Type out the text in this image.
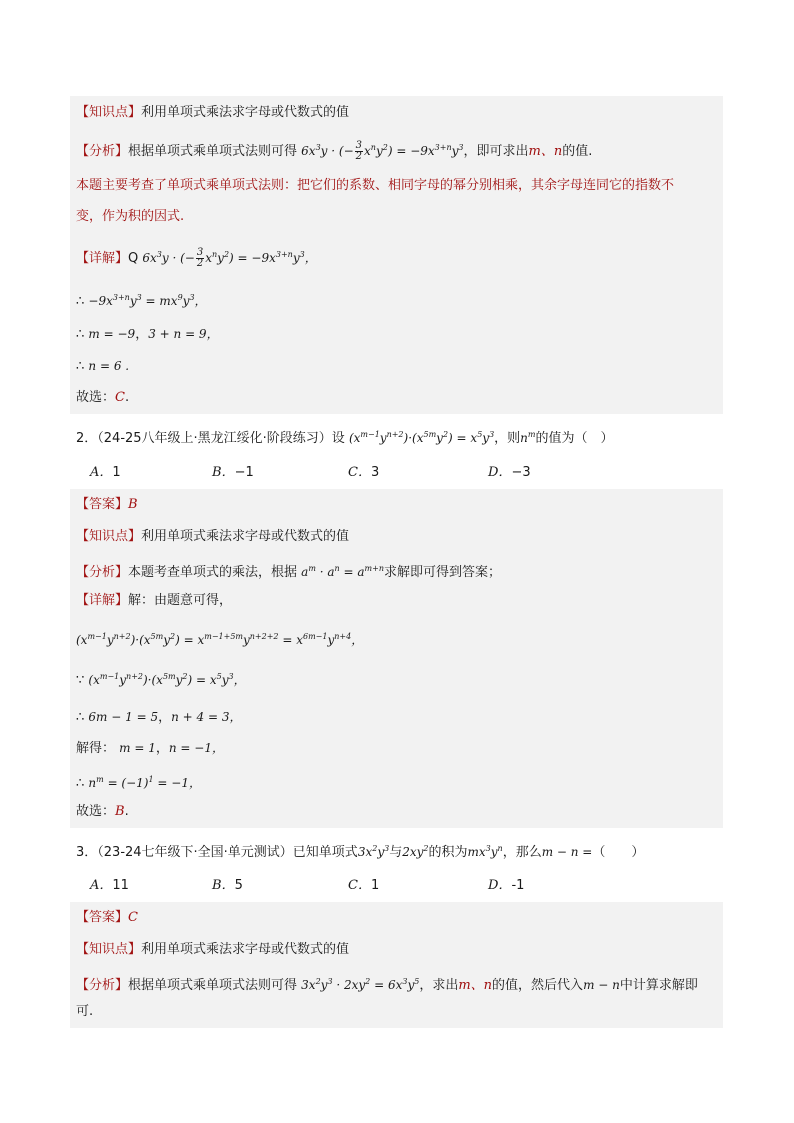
【知识点】利用单项式乘法求字母或代数式的值
【分析】根据单项式乘单项式法则可得 $6x^3y$ · (− $\frac{3}{2} x^ny^2) = -9x^{3+n}y^3$，即可求出m、n的值.
本题主要考查了单项式乘单项式法则：把它们的系数、相同字母的幂分别相乘，其余字母连同它的指数不
变，作为积的因式.
【详解】Q $6x^3y$ · (− $\frac{3}{2} x^ny^2) = -9x^{3+n}y^3$，
∴ $-9x^{3+n}y^3 = mx^9y^3$，
∴ m = −9，3 + n = 9，
∴ n = 6 .
故选：C.
2．（24-25八年级上·黑龙江绥化·阶段练习）设 $(x^{m-1}y^{n+2})\cdot(x^{5m}y^2) = x^5y^3$，则$n^m$的值为（　）
A．1	B．−1	C．3	D．−3
【答案】B
【知识点】利用单项式乘法求字母或代数式的值
【分析】本题考查单项式的乘法，根据 $a^m \cdot a^n = a^{m+n}$求解即可得到答案；
【详解】解：由题意可得，
$(x^{m-1}y^{n+2})\cdot(x^{5m}y^2) = x^{m-1+5m}y^{n+2+2} = x^{6m-1}y^{n+4}$，
∵ $(x^{m-1}y^{n+2})\cdot(x^{5m}y^2) = x^5y^3$，
∴ 6m − 1 = 5，n + 4 = 3，
解得： m = 1，n = −1，
∴ $n^m = (-1)^1 = -1$，
故选：B.
3．（23-24七年级下·全国·单元测试）已知单项式$3x^2y^3$与$2xy^2$的积为$mx^3y^n$，那么m − n =（　　）
A．11	B．5	C．1	D．-1
【答案】C
【知识点】利用单项式乘法求字母或代数式的值
【分析】根据单项式乘单项式法则可得 $3x^2y^3 \cdot 2xy^2 = 6x^3y^5$，求出m、n的值，然后代入m − n中计算求解即
可.
